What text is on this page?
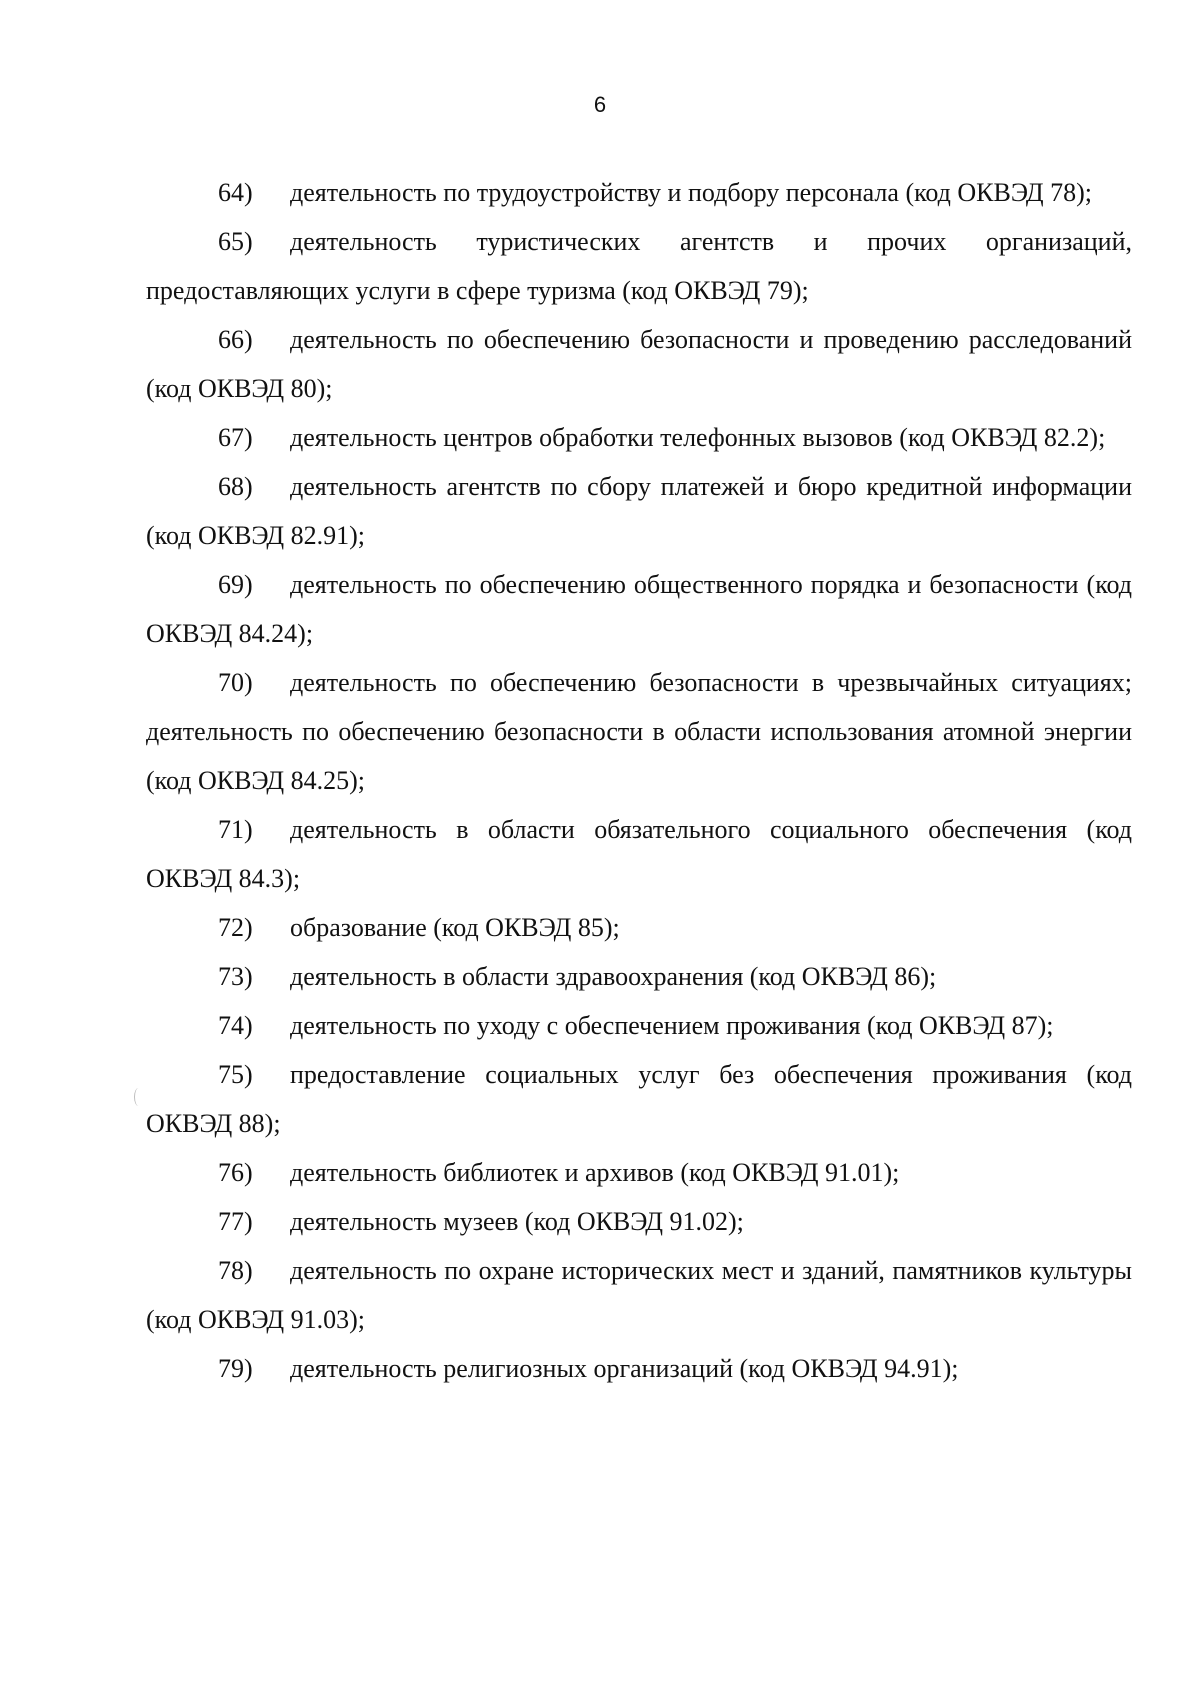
6

64) деятельность по трудоустройству и подбору персонала (код ОКВЭД 78);

65) деятельность туристических агентств и прочих организаций, предоставляющих услуги в сфере туризма (код ОКВЭД 79);

66) деятельность по обеспечению безопасности и проведению расследований (код ОКВЭД 80);

67) деятельность центров обработки телефонных вызовов (код ОКВЭД 82.2);

68) деятельность агентств по сбору платежей и бюро кредитной информации (код ОКВЭД 82.91);

69) деятельность по обеспечению общественного порядка и безопасности (код ОКВЭД 84.24);

70) деятельность по обеспечению безопасности в чрезвычайных ситуациях; деятельность по обеспечению безопасности в области использования атомной энергии (код ОКВЭД 84.25);

71) деятельность в области обязательного социального обеспечения (код ОКВЭД 84.3);

72) образование (код ОКВЭД 85);

73) деятельность в области здравоохранения (код ОКВЭД 86);

74) деятельность по уходу с обеспечением проживания (код ОКВЭД 87);

75) предоставление социальных услуг без обеспечения проживания (код ОКВЭД 88);

76) деятельность библиотек и архивов (код ОКВЭД 91.01);

77) деятельность музеев (код ОКВЭД 91.02);

78) деятельность по охране исторических мест и зданий, памятников культуры (код ОКВЭД 91.03);

79) деятельность религиозных организаций (код ОКВЭД 94.91);
